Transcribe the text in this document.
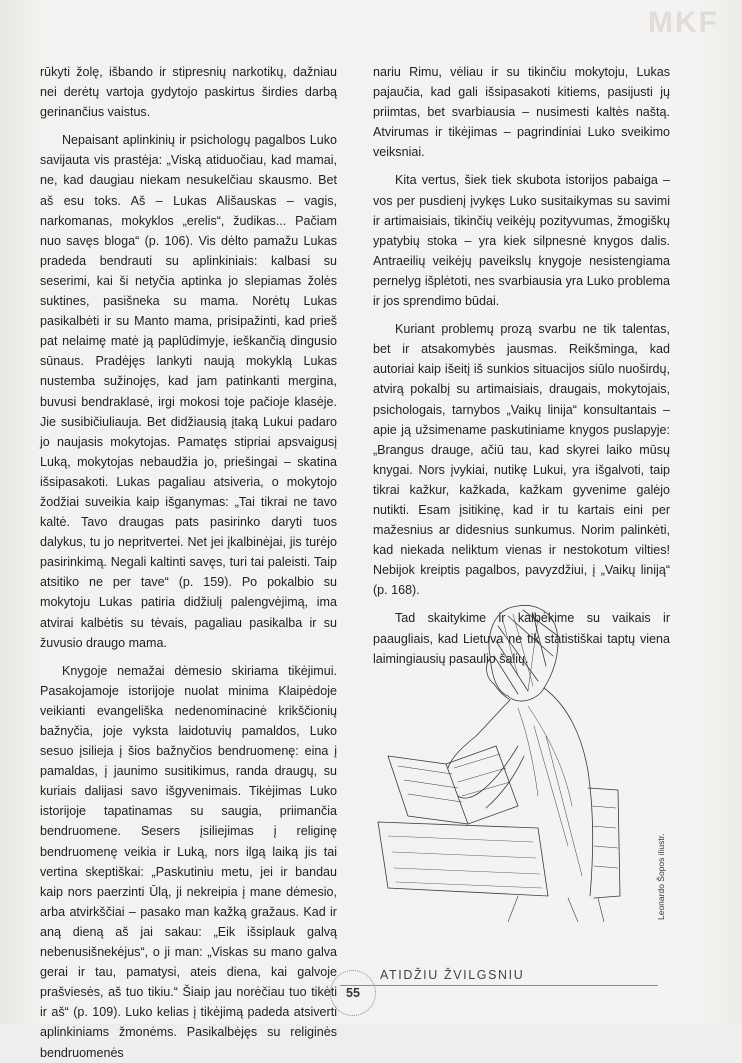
MKF

rūkyti žolę, išbando ir stipresnių narkotikų, dažniau nei derėtų vartoja gydytojo paskirtus širdies darbą gerinančius vaistus.

Nepaisant aplinkinių ir psichologų pagalbos Luko savijauta vis prastėja: „Viską atiduočiau, kad mamai, ne, kad daugiau niekam nesukelčiau skausmo. Bet aš esu toks. Aš – Lukas Ališauskas – vagis, narkomanas, mokyklos „erelis“, žudikas... Pačiam nuo savęs bloga“ (p. 106). Vis dėlto pamažu Lukas pradeda bendrauti su aplinkiniais: kalbasi su seserimi, kai ši netyčia aptinka jo slepiamas žolės suktines, pasišneka su mama. Norėtų Lukas pasikalbėti ir su Manto mama, prisipažinti, kad prieš pat nelaimę matė ją paplūdimyje, ieškančią dingusio sūnaus. Pradėjęs lankyti naują mokyklą Lukas nustemba sužinojęs, kad jam patinkanti mergina, buvusi bendraklasė, irgi mokosi toje pačioje klasėje. Jie susibičiuliauja. Bet didžiausią įtaką Lukui padaro jo naujasis mokytojas. Pamatęs stipriai apsvaigusį Luką, mokytojas nebaudžia jo, priešingai – skatina išsipasakoti. Lukas pagaliau atsiveria, o mokytojo žodžiai suveikia kaip išganymas: „Tai tikrai ne tavo kaltė. Tavo draugas pats pasirinko daryti tuos dalykus, tu jo nepritvertei. Net jei įkalbinėjai, jis turėjo pasirinkimą. Negali kaltinti savęs, turi tai paleisti. Taip atsitiko ne per tave“ (p. 159). Po pokalbio su mokytoju Lukas patiria didžiulį palengvėjimą, ima atvirai kalbėtis su tėvais, pagaliau pasikalba ir su žuvusio draugo mama.

Knygoje nemažai dėmesio skiriama tikėjimui. Pasakojamoje istorijoje nuolat minima Klaipėdoje veikianti evangeliška nedenominacinė krikščionių bažnyčia, joje vyksta laidotuvių pamaldos, Luko sesuo įsilieja į šios bažnyčios bendruomenę: eina į pamaldas, į jaunimo susitikimus, randa draugų, su kuriais dalijasi savo išgyvenimais. Tikėjimas Luko istorijoje tapatinamas su saugia, priimančia bendruomene. Sesers įsiliejimas į religinę bendruomenę veikia ir Luką, nors ilgą laiką jis tai vertina skeptiškai: „Paskutiniu metu, jei ir bandau kaip nors paerzinti Ūlą, ji nekreipia į mane dėmesio, arba atvirkščiai – pasako man kažką gražaus. Kad ir aną dieną aš jai sakau: „Eik išsiplauk galvą nebenusišnekėjus“, o ji man: „Viskas su mano galva gerai ir tau, pamatysi, ateis diena, kai galvoje prašviesės, aš tuo tikiu.“ Šiaip jau norėčiau tuo tikėti ir aš“ (p. 109). Luko kelias į tikėjimą padeda atsiverti aplinkiniams žmonėms. Pasikalbėjęs su religinės bendruomenės

nariu Rimu, vėliau ir su tikinčiu mokytoju, Lukas pajaučia, kad gali išsipasakoti kitiems, pasijusti jų priimtas, bet svarbiausia – nusimesti kaltės naštą. Atvirumas ir tikėjimas – pagrindiniai Luko sveikimo veiksniai.

Kita vertus, šiek tiek skubota istorijos pabaiga – vos per pusdienį įvykęs Luko susitaikymas su savimi ir artimaisiais, tikinčių veikėjų pozityvumas, žmogiškų ypatybių stoka – yra kiek silpnesnė knygos dalis. Antraeilių veikėjų paveikslų knygoje nesistengiama pernelyg išplėtoti, nes svarbiausia yra Luko problema ir jos sprendimo būdai.

Kuriant problemų prozą svarbu ne tik talentas, bet ir atsakomybės jausmas. Reikšminga, kad autoriai kaip išeitį iš sunkios situacijos siūlo nuoširdų, atvirą pokalbį su artimaisiais, draugais, mokytojais, psichologais, tarnybos „Vaikų linija“ konsultantais – apie ją užsimename paskutiniame knygos puslapyje: „Brangus drauge, ačiū tau, kad skyrei laiko mūsų knygai. Nors įvykiai, nutikę Lukui, yra išgalvoti, taip tikrai kažkur, kažkada, kažkam gyvenime galėjo nutikti. Esam įsitikinę, kad ir tu kartais eini per mažesnius ar didesnius sunkumus. Norim palinkėti, kad niekada neliktum vienas ir nestokotum vilties! Nebijok kreiptis pagalbos, pavyzdžiui, į „Vaikų liniją“ (p. 168).

Tad skaitykime ir kalbėkime su vaikais ir paaugliais, kad Lietuva ne tik statistiškai taptų viena laimingiausių pasaulio šalių.

Leonardo Šopos iliustr.
ATIDŽIU ŽVILGSNIU
55
